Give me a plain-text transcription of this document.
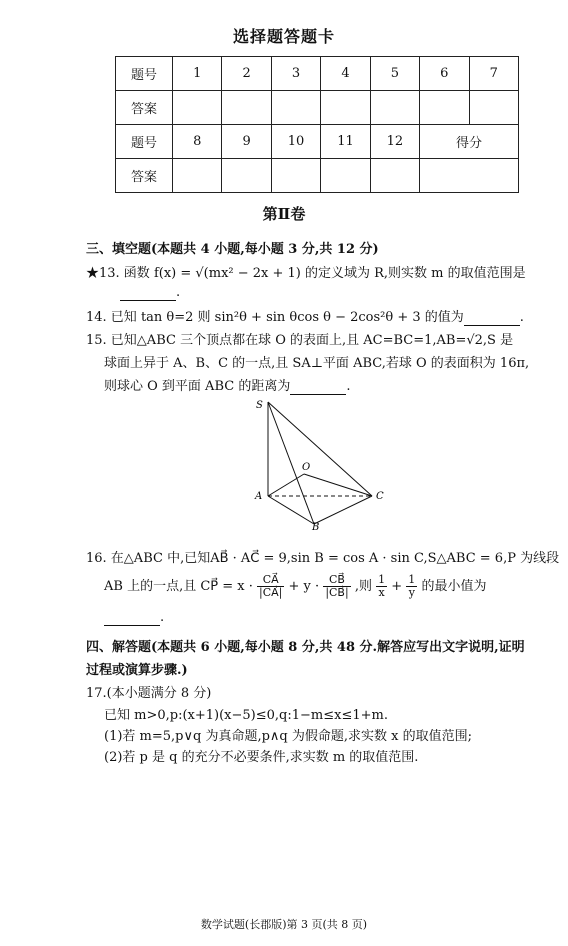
选择题答题卡
题号	1	2	3	4	5	6	7
答案							
题号	8	9	10	11	12	得分	
答案							
第Ⅱ卷
三、填空题(本题共 4 小题,每小题 3 分,共 12 分)
★13. 函数 f(x) = √(mx² − 2x + 1) 的定义域为 R,则实数 m 的取值范围是
.
14. 已知 tan θ=2 则 sin²θ + sin θcos θ − 2cos²θ + 3 的值为	.
15. 已知△ABC 三个顶点都在球 O 的表面上,且 AC=BC=1,AB=√2,S 是
球面上异于 A、B、C 的一点,且 SA⊥平面 ABC,若球 O 的表面积为 16π,
则球心 O 到平面 ABC 的距离为	.
S
O
A
B
C
16. 在△ABC 中,已知AB⃗ · AC⃗ = 9,sin B = cos A · sin C,S△ABC = 6,P 为线段
AB 上的一点,且 CP⃗ = $x \cdot \frac{CA⃗}{|CA⃗|} + y \cdot \frac{CB⃗}{|CB⃗|}$ ,则 $\frac{1}{x} + \frac{1}{y}$ 的最小值为
.
四、解答题(本题共 6 小题,每小题 8 分,共 48 分.解答应写出文字说明,证明
过程或演算步骤.)
17.(本小题满分 8 分)
已知 m>0,p:(x+1)(x−5)≤0,q:1−m≤x≤1+m.
(1)若 m=5,p∨q 为真命题,p∧q 为假命题,求实数 x 的取值范围;
(2)若 p 是 q 的充分不必要条件,求实数 m 的取值范围.
数学试题(长郡版)第 3 页(共 8 页)
